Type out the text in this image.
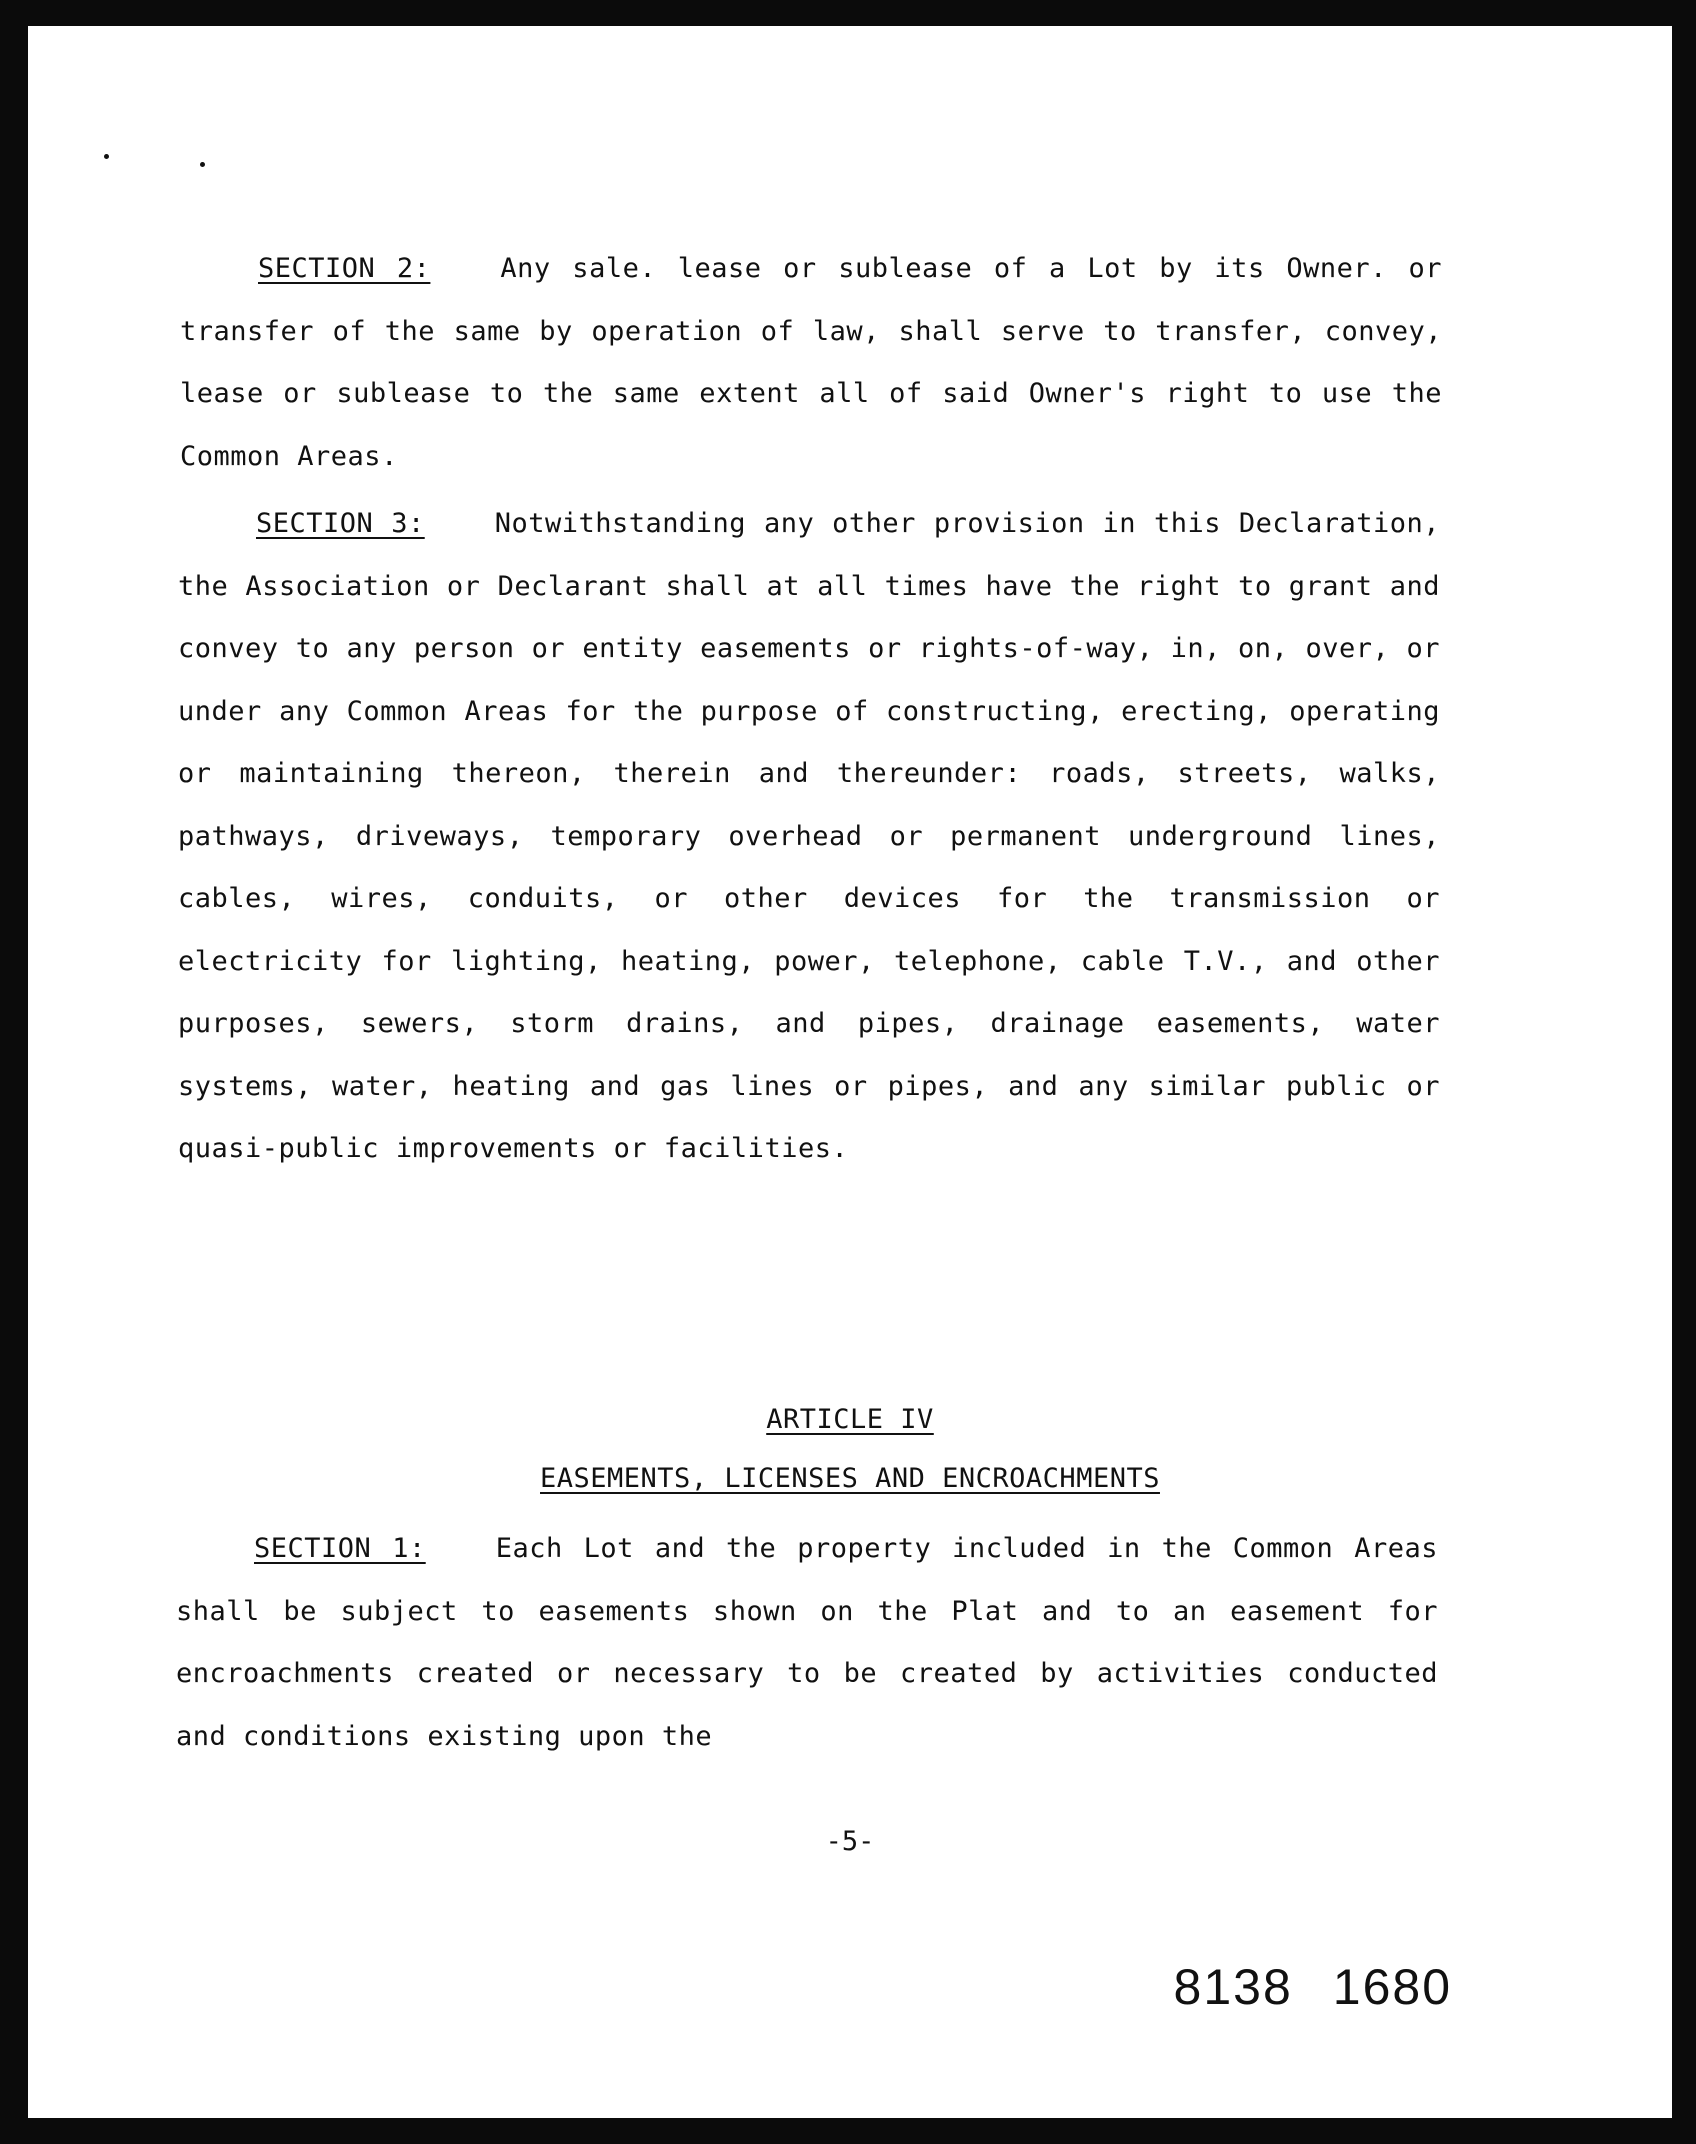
SECTION 2:	Any sale. lease or sublease of a Lot by its Owner. or transfer of the same by operation of law, shall serve to transfer, convey, lease or sublease to the same extent all of said Owner's right to use the Common Areas.

SECTION 3:	Notwithstanding any other provision in this Declaration, the Association or Declarant shall at all times have the right to grant and convey to any person or entity easements or rights-of-way, in, on, over, or under any Common Areas for the purpose of constructing, erecting, operating or maintaining thereon, therein and thereunder: roads, streets, walks, pathways, driveways, temporary overhead or permanent underground lines, cables, wires, conduits, or other devices for the transmission or electricity for lighting, heating, power, telephone, cable T.V., and other purposes, sewers, storm drains, and pipes, drainage easements, water systems, water, heating and gas lines or pipes, and any similar public or quasi-public improvements or facilities.

ARTICLE IV
EASEMENTS, LICENSES AND ENCROACHMENTS

SECTION 1:	Each Lot and the property included in the Common Areas shall be subject to easements shown on the Plat and to an easement for encroachments created or necessary to be created by activities conducted and conditions existing upon the

-5-
8138 1680
